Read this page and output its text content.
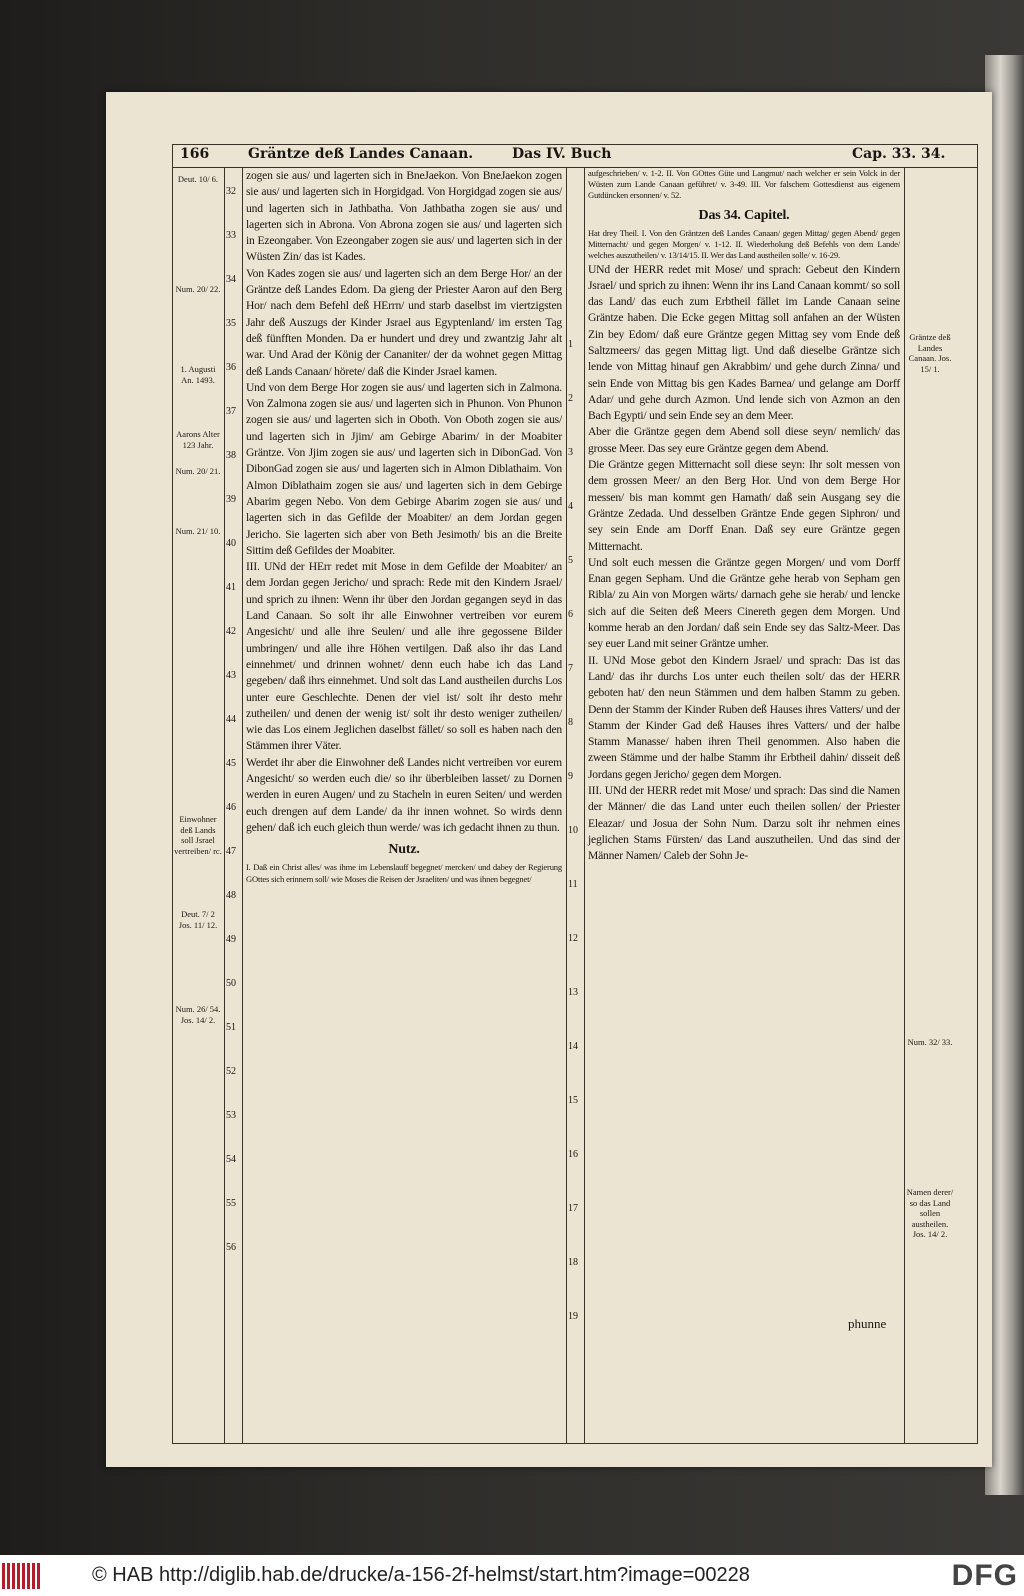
166	Gräntze deß Landes Canaan.	Das IV. Buch	Cap. 33. 34.
Deut. 10/ 6.
Num. 20/ 22.
1. Augusti An. 1493.
Aarons Alter 123 Jahr.
Num. 20/ 21.
Num. 21/ 10.
Einwohner deß Lands soll Jsrael vertreiben/ rc.
Deut. 7/ 2 Jos. 11/ 12.
Num. 26/ 54. Jos. 14/ 2.
32
33
34
35
36
37
38
39
40
41
42
43
44
45
46
47
48
49
50
51
52
53
54
55
56

zogen sie aus/ und lagerten sich in BneJaekon. Von BneJaekon zogen sie aus/ und lagerten sich in Horgidgad. Von Horgidgad zogen sie aus/ und lagerten sich in Jathbatha. Von Jathbatha zogen sie aus/ und lagerten sich in Abrona. Von Abrona zogen sie aus/ und lagerten sich in Ezeongaber. Von Ezeongaber zogen sie aus/ und lagerten sich in der Wüsten Zin/ das ist Kades.

Von Kades zogen sie aus/ und lagerten sich an dem Berge Hor/ an der Gräntze deß Landes Edom. Da gieng der Priester Aaron auf den Berg Hor/ nach dem Befehl deß HErrn/ und starb daselbst im viertzigsten Jahr deß Auszugs der Kinder Jsrael aus Egyptenland/ im ersten Tag deß fünfften Monden. Da er hundert und drey und zwantzig Jahr alt war. Und Arad der König der Cananiter/ der da wohnet gegen Mittag deß Lands Canaan/ hörete/ daß die Kinder Jsrael kamen.

Und von dem Berge Hor zogen sie aus/ und lagerten sich in Zalmona. Von Zalmona zogen sie aus/ und lagerten sich in Phunon. Von Phunon zogen sie aus/ und lagerten sich in Oboth. Von Oboth zogen sie aus/ und lagerten sich in Jjim/ am Gebirge Abarim/ in der Moabiter Gräntze. Von Jjim zogen sie aus/ und lagerten sich in DibonGad. Von DibonGad zogen sie aus/ und lagerten sich in Almon Diblathaim. Von Almon Diblathaim zogen sie aus/ und lagerten sich in dem Gebirge Abarim gegen Nebo. Von dem Gebirge Abarim zogen sie aus/ und lagerten sich in das Gefilde der Moabiter/ an dem Jordan gegen Jericho. Sie lagerten sich aber von Beth Jesimoth/ bis an die Breite Sittim deß Gefildes der Moabiter.

III. UNd der HErr redet mit Mose in dem Gefilde der Moabiter/ an dem Jordan gegen Jericho/ und sprach: Rede mit den Kindern Jsrael/ und sprich zu ihnen: Wenn ihr über den Jordan gegangen seyd in das Land Canaan. So solt ihr alle Einwohner vertreiben vor eurem Angesicht/ und alle ihre Seulen/ und alle ihre gegossene Bilder umbringen/ und alle ihre Höhen vertilgen. Daß also ihr das Land einnehmet/ und drinnen wohnet/ denn euch habe ich das Land gegeben/ daß ihrs einnehmet. Und solt das Land austheilen durchs Los unter eure Geschlechte. Denen der viel ist/ solt ihr desto mehr zutheilen/ und denen der wenig ist/ solt ihr desto weniger zutheilen/ wie das Los einem Jeglichen daselbst fället/ so soll es haben nach den Stämmen ihrer Väter.

Werdet ihr aber die Einwohner deß Landes nicht vertreiben vor eurem Angesicht/ so werden euch die/ so ihr überbleiben lasset/ zu Dornen werden in euren Augen/ und zu Stacheln in euren Seiten/ und werden euch drengen auf dem Lande/ da ihr innen wohnet. So wirds denn gehen/ daß ich euch gleich thun werde/ was ich gedacht ihnen zu thun.

Nutz.

I. Daß ein Christ alles/ was ihme im Lebenslauff begegnet/ mercken/ und dabey der Regierung GOttes sich erinnern soll/ wie Moses die Reisen der Jsraeliten/ und was ihnen begegnet/

1
2
3
4
5
6
7
8
9
10
11
12
13
14
15
16
17
18
19

aufgeschrieben/ v. 1-2. II. Von GOttes Güte und Langmut/ nach welcher er sein Volck in der Wüsten zum Lande Canaan geführet/ v. 3-49. III. Vor falschem Gottesdienst aus eigenem Gutdüncken ersonnen/ v. 52.

Das 34. Capitel.

Hat drey Theil. I. Von den Gräntzen deß Landes Canaan/ gegen Mittag/ gegen Abend/ gegen Mitternacht/ und gegen Morgen/ v. 1-12. II. Wiederholung deß Befehls von dem Lande/ welches auszutheilen/ v. 13/14/15. II. Wer das Land austheilen solle/ v. 16-29.

UNd der HERR redet mit Mose/ und sprach: Gebeut den Kindern Jsrael/ und sprich zu ihnen: Wenn ihr ins Land Canaan kommt/ so soll das Land/ das euch zum Erbtheil fället im Lande Canaan seine Gräntze haben. Die Ecke gegen Mittag soll anfahen an der Wüsten Zin bey Edom/ daß eure Gräntze gegen Mittag sey vom Ende deß Saltzmeers/ das gegen Mittag ligt. Und daß dieselbe Gräntze sich lende von Mittag hinauf gen Akrabbim/ und gehe durch Zinna/ und sein Ende von Mittag bis gen Kades Barnea/ und gelange am Dorff Adar/ und gehe durch Azmon. Und lende sich von Azmon an den Bach Egypti/ und sein Ende sey an dem Meer.

Aber die Gräntze gegen dem Abend soll diese seyn/ nemlich/ das grosse Meer. Das sey eure Gräntze gegen dem Abend.

Die Gräntze gegen Mitternacht soll diese seyn: Ihr solt messen von dem grossen Meer/ an den Berg Hor. Und von dem Berge Hor messen/ bis man kommt gen Hamath/ daß sein Ausgang sey die Gräntze Zedada. Und desselben Gräntze Ende gegen Siphron/ und sey sein Ende am Dorff Enan. Daß sey eure Gräntze gegen Mitternacht.

Und solt euch messen die Gräntze gegen Morgen/ und vom Dorff Enan gegen Sepham. Und die Gräntze gehe herab von Sepham gen Ribla/ zu Ain von Morgen wärts/ darnach gehe sie herab/ und lencke sich auf die Seiten deß Meers Cinereth gegen dem Morgen. Und komme herab an den Jordan/ daß sein Ende sey das Saltz-Meer. Das sey euer Land mit seiner Gräntze umher.

II. UNd Mose gebot den Kindern Jsrael/ und sprach: Das ist das Land/ das ihr durchs Los unter euch theilen solt/ das der HERR geboten hat/ den neun Stämmen und dem halben Stamm zu geben. Denn der Stamm der Kinder Ruben deß Hauses ihres Vatters/ und der Stamm der Kinder Gad deß Hauses ihres Vatters/ und der halbe Stamm Manasse/ haben ihren Theil genommen. Also haben die zween Stämme und der halbe Stamm ihr Erbtheil dahin/ disseit deß Jordans gegen Jericho/ gegen dem Morgen.

III. UNd der HERR redet mit Mose/ und sprach: Das sind die Namen der Männer/ die das Land unter euch theilen sollen/ der Priester Eleazar/ und Josua der Sohn Num. Darzu solt ihr nehmen eines jeglichen Stams Fürsten/ das Land auszutheilen. Und das sind der Männer Namen/ Caleb der Sohn Je-

Gräntze deß Landes Canaan. Jos. 15/ 1.
Num. 32/ 33.
Namen derer/ so das Land sollen austheilen. Jos. 14/ 2.
phunne
© HAB http://diglib.hab.de/drucke/a-156-2f-helmst/start.htm?image=00228	DFG
